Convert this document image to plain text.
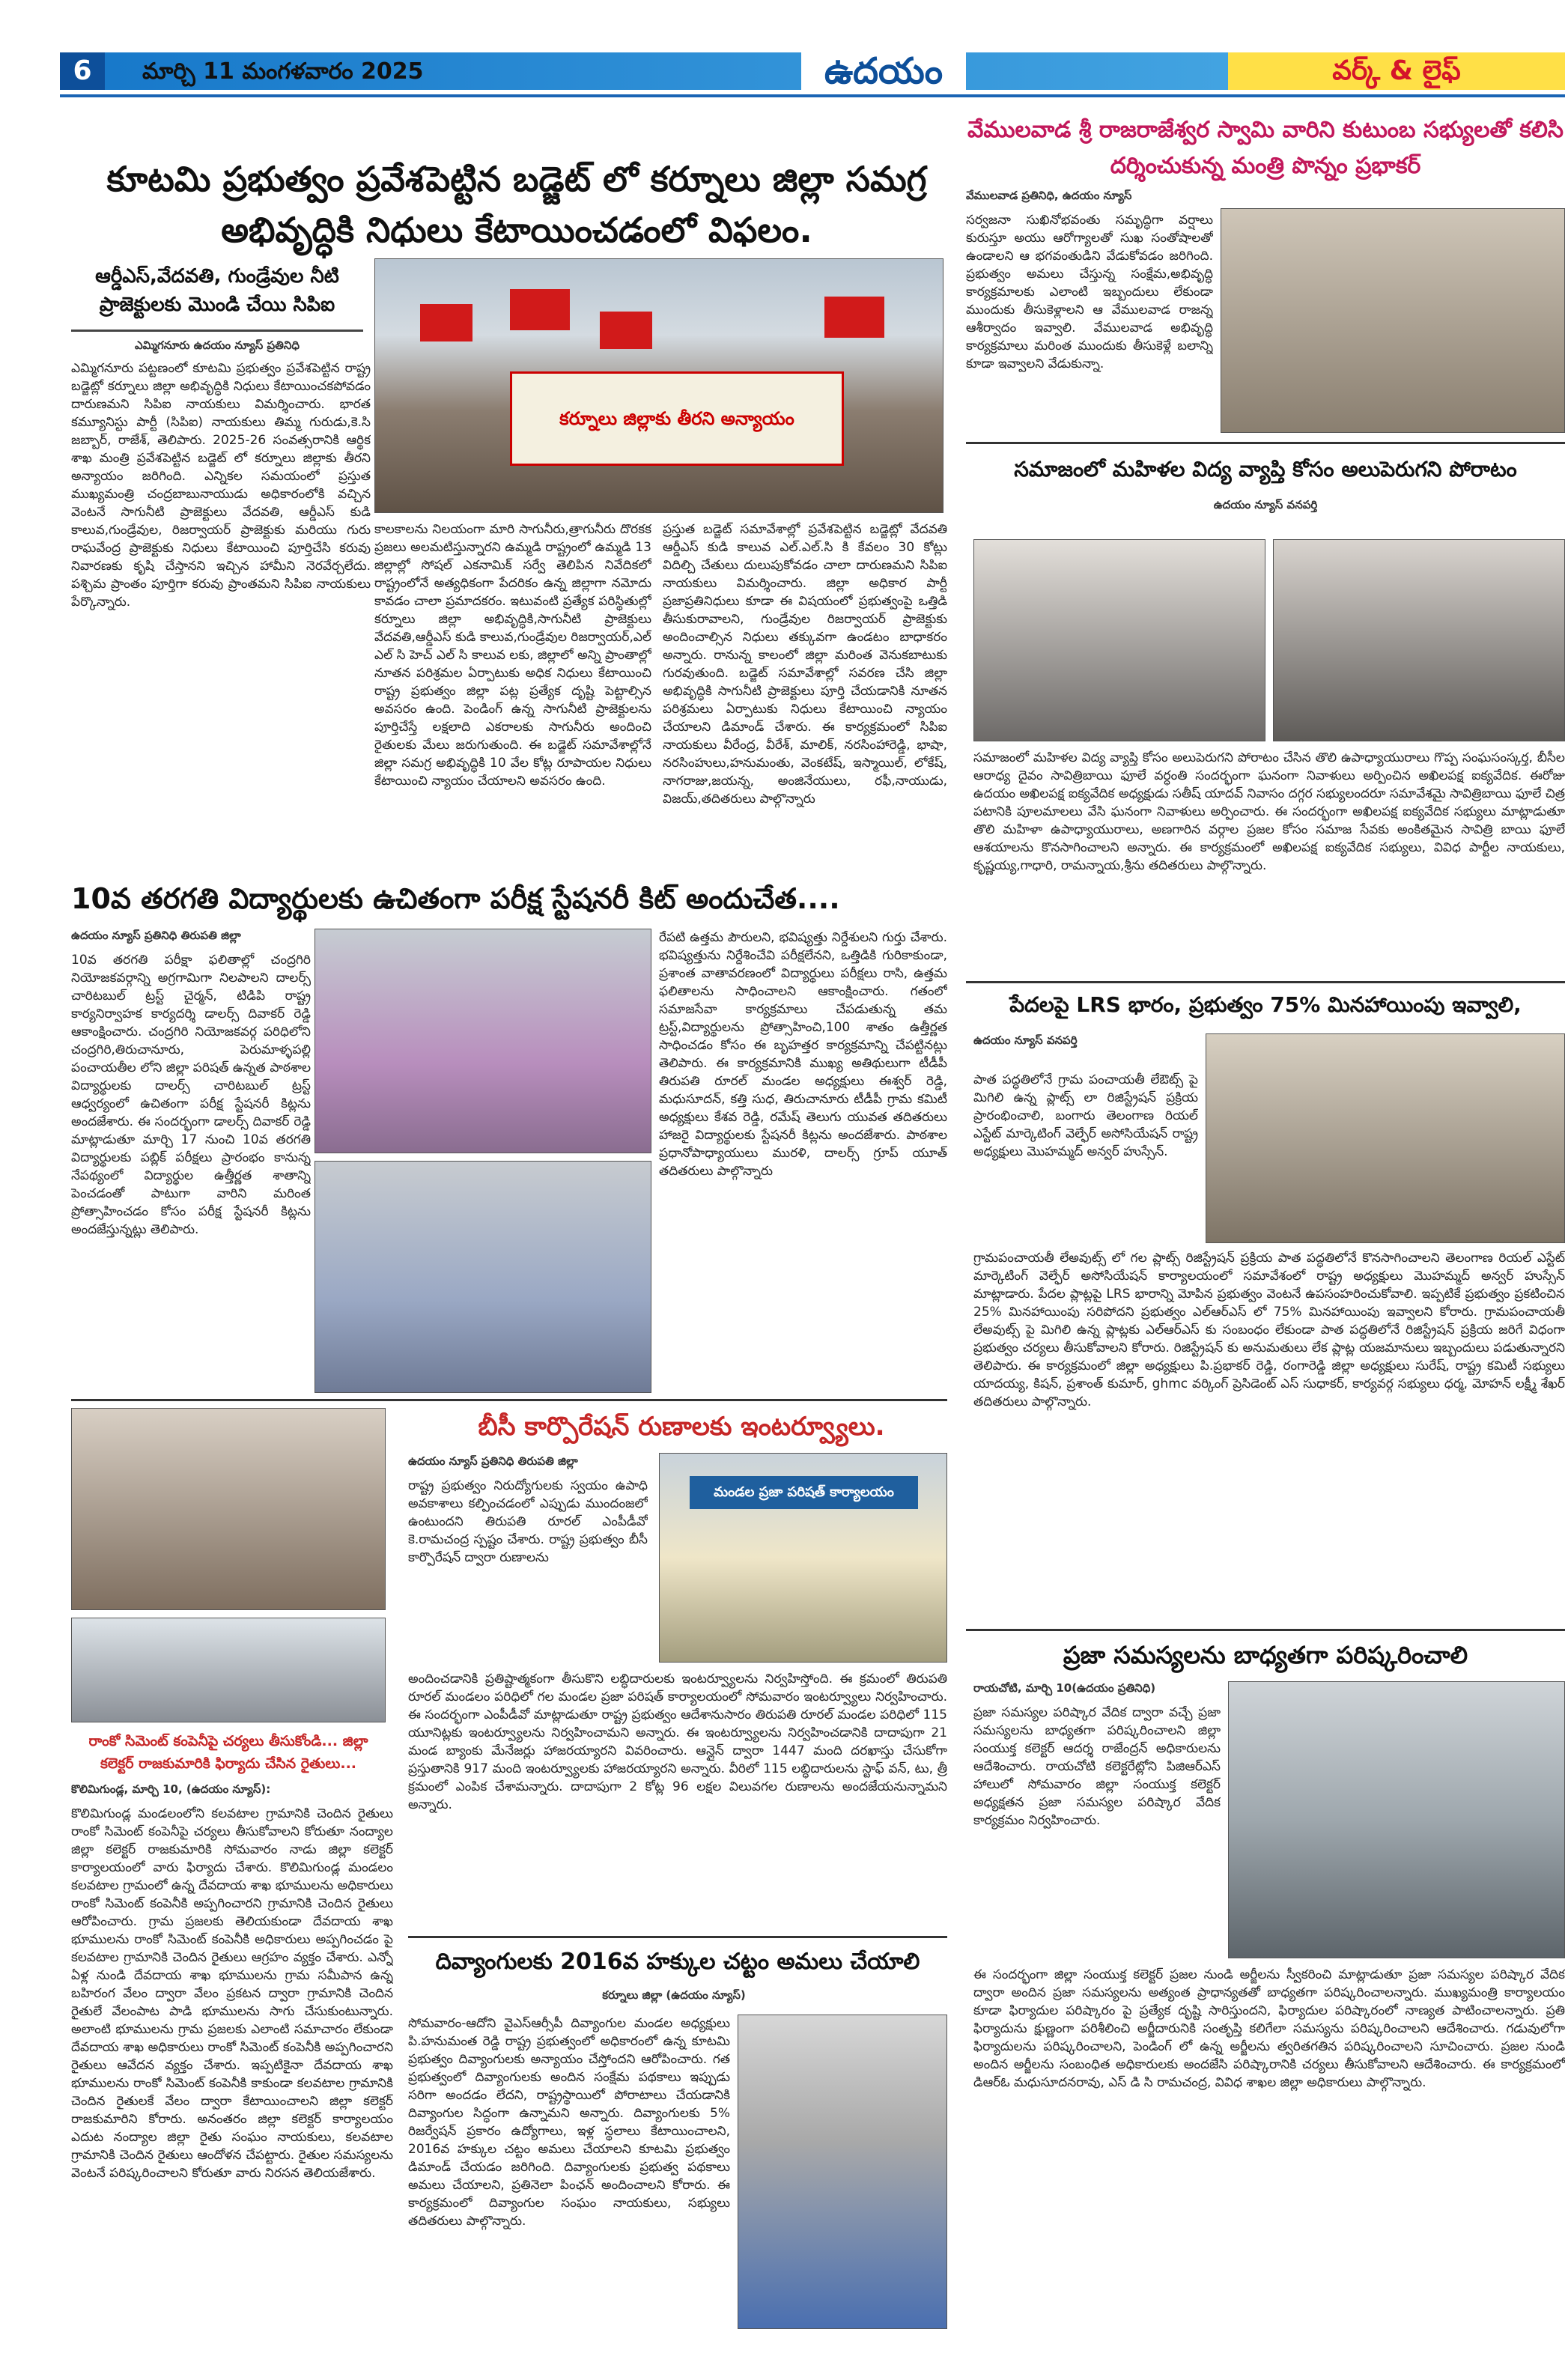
6	మార్చి 11 మంగళవారం 2025	ఉదయం	వర్క్ & లైఫ్
కూటమి ప్రభుత్వం ప్రవేశపెట్టిన బడ్జెట్ లో కర్నూలు జిల్లా సమగ్ర అభివృద్ధికి నిధులు కేటాయించడంలో విఫలం.
ఆర్డీఎస్,వేదవతి, గుండ్రేవుల నీటి ప్రాజెక్టులకు మొండి చేయి సిపిఐ
ఎమ్మిగనూరు ఉదయం న్యూస్ ప్రతినిధి
ఎమ్మిగనూరు పట్టణంలో కూటమి ప్రభుత్వం ప్రవేశపెట్టిన రాష్ట్ర బడ్జెట్లో కర్నూలు జిల్లా అభివృద్ధికి నిధులు కేటాయించకపోవడం దారుణమని సిపిఐ నాయకులు విమర్శించారు. భారత కమ్యూనిస్టు పార్టీ (సిపిఐ) నాయకులు తిమ్మ గురుడు,కె.సి జబ్బార్, రాజేశ్, తెలిపారు. 2025-26 సంవత్సరానికి ఆర్థిక శాఖ మంత్రి ప్రవేశపెట్టిన బడ్జెట్ లో కర్నూలు జిల్లాకు తీరని అన్యాయం జరిగింది. ఎన్నికల సమయంలో ప్రస్తుత ముఖ్యమంత్రి చంద్రబాబునాయుడు అధికారంలోకి వచ్చిన వెంటనే సాగునీటి ప్రాజెక్టులు వేదవతి, ఆర్డీఎస్ కుడి కాలువ,గుండ్రేవుల, రిజర్వాయర్ ప్రాజెక్టుకు మరియు గురు రాఘవేంద్ర ప్రాజెక్టుకు నిధులు కేటాయించి పూర్తిచేసి కరువు నివారణకు కృషి చేస్తానని ఇచ్చిన హామీని నెరవేర్చలేదు. పశ్చిమ ప్రాంతం పూర్తిగా కరువు ప్రాంతమని సిపిఐ నాయకులు పేర్కొన్నారు.
కర్నూలు జిల్లాకు తీరని అన్యాయం
కాలకాలను నిలయంగా మారి సాగునీరు,త్రాగునీరు దొరకక ప్రజలు అలమటిస్తున్నారని ఉమ్మడి రాష్ట్రంలో ఉమ్మడి 13 జిల్లాల్లో సోషల్ ఎకనామిక్ సర్వే తెలిపిన నివేదికలో రాష్ట్రంలోనే అత్యధికంగా పేదరికం ఉన్న జిల్లాగా నమోదు కావడం చాలా ప్రమాదకరం. ఇటువంటి ప్రత్యేక పరిస్థితుల్లో కర్నూలు జిల్లా అభివృద్ధికి,సాగునీటి ప్రాజెక్టులు వేదవతి,ఆర్డీఎస్ కుడి కాలువ,గుండ్రేవుల రిజర్వాయర్,ఎల్ ఎల్ సి హెచ్ ఎల్ సి కాలువ లకు, జిల్లాలో అన్ని ప్రాంతాల్లో నూతన పరిశ్రమల ఏర్పాటుకు అధిక నిధులు కేటాయించి రాష్ట్ర ప్రభుత్వం జిల్లా పట్ల ప్రత్యేక దృష్టి పెట్టాల్సిన అవసరం ఉంది. పెండింగ్ ఉన్న సాగునీటి ప్రాజెక్టులను పూర్తిచేస్తే లక్షలాది ఎకరాలకు సాగునీరు అందించి రైతులకు మేలు జరుగుతుంది. ఈ బడ్జెట్ సమావేశాల్లోనే జిల్లా సమగ్ర అభివృద్ధికి 10 వేల కోట్ల రూపాయల నిధులు కేటాయించి న్యాయం చేయాలని అవసరం ఉంది.
ప్రస్తుత బడ్జెట్ సమావేశాల్లో ప్రవేశపెట్టిన బడ్జెట్లో వేదవతి ఆర్డీఎస్ కుడి కాలువ ఎల్.ఎల్.సి కి కేవలం 30 కోట్లు విదిల్చి చేతులు దులుపుకోవడం చాలా దారుణమని సిపిఐ నాయకులు విమర్శించారు. జిల్లా అధికార పార్టీ ప్రజాప్రతినిధులు కూడా ఈ విషయంలో ప్రభుత్వంపై ఒత్తిడి తీసుకురావాలని, గుండ్రేవుల రిజర్వాయర్ ప్రాజెక్టుకు అందించాల్సిన నిధులు తక్కువగా ఉండటం బాధాకరం అన్నారు. రానున్న కాలంలో జిల్లా మరింత వెనుకబాటుకు గురవుతుంది. బడ్జెట్ సమావేశాల్లో సవరణ చేసి జిల్లా అభివృద్ధికి సాగునీటి ప్రాజెక్టులు పూర్తి చేయడానికి నూతన పరిశ్రమలు ఏర్పాటుకు నిధులు కేటాయించి న్యాయం చేయాలని డిమాండ్ చేశారు. ఈ కార్యక్రమంలో సిపిఐ నాయకులు వీరేంద్ర, వీరేశ్, మాలిక్, నరసింహారెడ్డి, భాషా, నరసింహులు,హనుమంతు, వెంకటేష్, ఇస్మాయిల్, లోకేష్, నాగరాజు,జయన్న, అంజినేయులు, రఫీ,నాయుడు, విజయ్,తదితరులు పాల్గొన్నారు
వేములవాడ శ్రీ రాజరాజేశ్వర స్వామి వారిని కుటుంబ సభ్యులతో కలిసి దర్శించుకున్న మంత్రి పొన్నం ప్రభాకర్
వేములవాడ ప్రతినిధి, ఉదయం న్యూస్
సర్వజనా సుఖినోభవంతు సమృద్ధిగా వర్షాలు కురుస్తూ అయు ఆరోగ్యాలతో సుఖ సంతోషాలతో ఉండాలని ఆ భగవంతుడిని వేడుకోవడం జరిగింది. ప్రభుత్వం అమలు చేస్తున్న సంక్షేమ,అభివృద్ధి కార్యక్రమాలకు ఎలాంటి ఇబ్బందులు లేకుండా ముందుకు తీసుకెళ్లాలని ఆ వేములవాడ రాజన్న ఆశీర్వాదం ఇవ్వాలి. వేములవాడ అభివృద్ధి కార్యక్రమాలు మరింత ముందుకు తీసుకెళ్లే బలాన్ని కూడా ఇవ్వాలని వేడుకున్నా.
సమాజంలో మహిళల విద్య వ్యాప్తి కోసం అలుపెరుగని పోరాటం
ఉదయం న్యూస్ వనపర్తి
సమాజంలో మహిళల విద్య వ్యాప్తి కోసం అలుపెరుగని పోరాటం చేసిన తొలి ఉపాధ్యాయురాలు గొప్ప సంఘసంస్కర్త, బీసీల ఆరాధ్య దైవం సావిత్రిబాయి ఫూలే వర్ధంతి సందర్భంగా ఘనంగా నివాళులు అర్పించిన అఖిలపక్ష ఐక్యవేదిక. ఈరోజు ఉదయం అఖిలపక్ష ఐక్యవేదిక అధ్యక్షుడు సతీష్ యాదవ్ నివాసం దగ్గర సభ్యులందరూ సమావేశమై సావిత్రిబాయి ఫూలే చిత్ర పటానికి పూలమాలలు వేసి ఘనంగా నివాళులు అర్పించారు. ఈ సందర్భంగా అఖిలపక్ష ఐక్యవేదిక సభ్యులు మాట్లాడుతూ తొలి మహిళా ఉపాధ్యాయురాలు, అణగారిన వర్గాల ప్రజల కోసం సమాజ సేవకు అంకితమైన సావిత్రి బాయి ఫూలే ఆశయాలను కొనసాగించాలని అన్నారు. ఈ కార్యక్రమంలో అఖిలపక్ష ఐక్యవేదిక సభ్యులు, వివిధ పార్టీల నాయకులు, కృష్ణయ్య,గాధారి, రామన్నాయ,శ్రీను తదితరులు పాల్గొన్నారు.
పేదలపై LRS భారం, ప్రభుత్వం 75% మినహాయింపు ఇవ్వాలి,
ఉదయం న్యూస్ వనపర్తి
పాత పద్ధతిలోనే గ్రామ పంచాయతీ లేఔట్స్ పై మిగిలి ఉన్న ప్లాట్స్ లా రిజిస్ట్రేషన్ ప్రక్రియ ప్రారంభించాలి, బంగారు తెలంగాణ రియల్ ఎస్టేట్ మార్కెటింగ్ వెల్ఫేర్ అసోసియేషన్ రాష్ట్ర అధ్యక్షులు మొహమ్మద్ అన్వర్ హుస్సేన్.
గ్రామపంచాయతీ లేఅవుట్స్ లో గల ప్లాట్స్ రిజిస్ట్రేషన్ ప్రక్రియ పాత పద్ధతిలోనే కొనసాగించాలని తెలంగాణ రియల్ ఎస్టేట్ మార్కెటింగ్ వెల్ఫేర్ అసోసియేషన్ కార్యాలయంలో సమావేశంలో రాష్ట్ర అధ్యక్షులు మొహమ్మద్ అన్వర్ హుస్సేన్ మాట్లాడారు. పేదల ప్లాట్లపై LRS భారాన్ని మోపిన ప్రభుత్వం వెంటనే ఉపసంహరించుకోవాలి. ఇప్పటికే ప్రభుత్వం ప్రకటించిన 25% మినహాయింపు సరిపోదని ప్రభుత్వం ఎల్ఆర్ఎస్ లో 75% మినహాయింపు ఇవ్వాలని కోరారు. గ్రామపంచాయతీ లేఅవుట్స్ పై మిగిలి ఉన్న ప్లాట్లకు ఎల్ఆర్ఎస్ కు సంబంధం లేకుండా పాత పద్ధతిలోనే రిజిస్ట్రేషన్ ప్రక్రియ జరిగే విధంగా ప్రభుత్వం చర్యలు తీసుకోవాలని కోరారు. రిజిస్ట్రేషన్ కు అనుమతులు లేక ప్లాట్ల యజమానులు ఇబ్బందులు పడుతున్నారని తెలిపారు. ఈ కార్యక్రమంలో జిల్లా అధ్యక్షులు పి.ప్రభాకర్ రెడ్డి, రంగారెడ్డి జిల్లా అధ్యక్షులు సురేష్, రాష్ట్ర కమిటీ సభ్యులు యాదయ్య, కిషన్, ప్రశాంత్ కుమార్, ghmc వర్కింగ్ ప్రెసిడెంట్ ఎస్ సుధాకర్, కార్యవర్గ సభ్యులు ధర్మ, మోహన్ లక్ష్మీ శేఖర్ తదితరులు పాల్గొన్నారు.
10వ తరగతి విద్యార్థులకు ఉచితంగా పరీక్ష స్టేషనరీ కిట్ అందుచేత....
ఉదయం న్యూస్ ప్రతినిధి తిరుపతి జిల్లా
10వ తరగతి పరీక్షా ఫలితాల్లో చంద్రగిరి నియోజకవర్గాన్ని అగ్రగామిగా నిలపాలని దాలర్స్ చారిటబుల్ ట్రస్ట్ చైర్మన్, టిడిపి రాష్ట్ర కార్యనిర్వాహక కార్యదర్శి డాలర్స్ దివాకర్ రెడ్డి ఆకాంక్షించారు. చంద్రగిరి నియోజకవర్గ పరిధిలోని చంద్రగిరి,తిరుచానూరు, పెరుమాళ్ళపల్లి పంచాయతీల లోని జిల్లా పరిషత్ ఉన్నత పాఠశాల విద్యార్థులకు దాలర్స్ చారిటబుల్ ట్రస్ట్ ఆధ్వర్యంలో ఉచితంగా పరీక్ష స్టేషనరీ కిట్లను అందజేశారు. ఈ సందర్భంగా డాలర్స్ దివాకర్ రెడ్డి మాట్లాడుతూ మార్చి 17 నుంచి 10వ తరగతి విద్యార్థులకు పబ్లిక్ పరీక్షలు ప్రారంభం కానున్న నేపథ్యంలో విద్యార్థుల ఉత్తీర్ణత శాతాన్ని పెంచడంతో పాటుగా వారిని మరింత ప్రోత్సాహించడం కోసం పరీక్ష స్టేషనరీ కిట్లను అందజేస్తున్నట్లు తెలిపారు.
రేపటి ఉత్తమ పౌరులని, భవిష్యత్తు నిర్దేశులని గుర్తు చేశారు. భవిష్యత్తును నిర్దేశించేవి పరీక్షలేనని, ఒత్తిడికి గురికాకుండా, ప్రశాంత వాతావరణంలో విద్యార్థులు పరీక్షలు రాసి, ఉత్తమ ఫలితాలను సాధించాలని ఆకాంక్షించారు. గతంలో సమాజసేవా కార్యక్రమాలు చేపడుతున్న తమ ట్రస్ట్,విద్యార్థులను ప్రోత్సాహించి,100 శాతం ఉత్తీర్ణత సాధించడం కోసం ఈ బృహత్తర కార్యక్రమాన్ని చేపట్టినట్లు తెలిపారు. ఈ కార్యక్రమానికి ముఖ్య అతిథులుగా టీడీపీ తిరుపతి రూరల్ మండల అధ్యక్షులు ఈశ్వర్ రెడ్డి, మధుసూదన్, కత్తి సుధ, తిరుచానూరు టీడీపీ గ్రామ కమిటీ అధ్యక్షులు కేశవ రెడ్డి, రమేష్ తెలుగు యువత తదితరులు హాజరై విద్యార్థులకు స్టేషనరీ కిట్లను అందజేశారు. పాఠశాల ప్రధానోపాధ్యాయులు మురళి, దాలర్స్ గ్రూప్ యూత్ తదితరులు పాల్గొన్నారు
రాంకో సిమెంట్ కంపెనీపై చర్యలు తీసుకోండి... జిల్లా కలెక్టర్ రాజకుమారికి ఫిర్యాదు చేసిన రైతులు...
కొలిమిగుండ్ల, మార్చి 10, (ఉదయం న్యూస్):
కొలిమిగుండ్ల మండలంలోని కలవటాల గ్రామానికి చెందిన రైతులు రాంకో సిమెంట్ కంపెనీపై చర్యలు తీసుకోవాలని కోరుతూ నంద్యాల జిల్లా కలెక్టర్ రాజకుమారికి సోమవారం నాడు జిల్లా కలెక్టర్ కార్యాలయంలో వారు ఫిర్యాదు చేశారు. కొలిమిగుండ్ల మండలం కలవటాల గ్రామంలో ఉన్న దేవదాయ శాఖ భూములను అధికారులు రాంకో సిమెంట్ కంపెనీకి అప్పగించారని గ్రామానికి చెందిన రైతులు ఆరోపించారు. గ్రామ ప్రజలకు తెలియకుండా దేవదాయ శాఖ భూములను రాంకో సిమెంట్ కంపెనీకి అధికారులు అప్పగించడం పై కలవటాల గ్రామానికి చెందిన రైతులు ఆగ్రహం వ్యక్తం చేశారు. ఎన్నో ఏళ్ల నుండి దేవదాయ శాఖ భూములను గ్రామ సమీపాన ఉన్న బహిరంగ వేలం ద్వారా వేలం ప్రకటన ద్వారా గ్రామానికి చెందిన రైతులే వేలంపాట పాడి భూములను సాగు చేసుకుంటున్నారు. అలాంటి భూములను గ్రామ ప్రజలకు ఎలాంటి సమాచారం లేకుండా దేవదాయ శాఖ అధికారులు రాంకో సిమెంట్ కంపెనీకి అప్పగించారని రైతులు ఆవేదన వ్యక్తం చేశారు. ఇప్పటికైనా దేవదాయ శాఖ భూములను రాంకో సిమెంట్ కంపెనీకి కాకుండా కలవటాల గ్రామానికి చెందిన రైతులకే వేలం ద్వారా కేటాయించాలని జిల్లా కలెక్టర్ రాజకుమారిని కోరారు. అనంతరం జిల్లా కలెక్టర్ కార్యాలయం ఎదుట నంద్యాల జిల్లా రైతు సంఘం నాయకులు, కలవటాల గ్రామానికి చెందిన రైతులు ఆందోళన చేపట్టారు. రైతుల సమస్యలను వెంటనే పరిష్కరించాలని కోరుతూ వారు నిరసన తెలియజేశారు.
బీసీ కార్పొరేషన్ రుణాలకు ఇంటర్వ్యూలు.
ఉదయం న్యూస్ ప్రతినిధి తిరుపతి జిల్లా
రాష్ట్ర ప్రభుత్వం నిరుద్యోగులకు స్వయం ఉపాధి అవకాశాలు కల్పించడంలో ఎప్పుడు ముందంజలో ఉంటుందని తిరుపతి రూరల్ ఎంపీడీవో కె.రామచంద్ర స్పష్టం చేశారు. రాష్ట్ర ప్రభుత్వం బీసీ కార్పొరేషన్ ద్వారా రుణాలను
మండల ప్రజా పరిషత్ కార్యాలయం
అందించడానికి ప్రతిష్టాత్మకంగా తీసుకొని లబ్ధిదారులకు ఇంటర్వ్యూలను నిర్వహిస్తోంది. ఈ క్రమంలో తిరుపతి రూరల్ మండలం పరిధిలో గల మండల ప్రజా పరిషత్ కార్యాలయంలో సోమవారం ఇంటర్వ్యూలు నిర్వహించారు. ఈ సందర్భంగా ఎంపీడీవో మాట్లాడుతూ రాష్ట్ర ప్రభుత్వం ఆదేశానుసారం తిరుపతి రూరల్ మండల పరిధిలో 115 యూనిట్లకు ఇంటర్వ్యూలను నిర్వహించామని అన్నారు. ఈ ఇంటర్వ్యూలను నిర్వహించడానికి దాదాపుగా 21 మండ బ్యాంకు మేనేజర్లు హాజరయ్యారని వివరించారు. ఆన్లైన్ ద్వారా 1447 మంది దరఖాస్తు చేసుకోగా ప్రస్తుతానికి 917 మంది ఇంటర్వ్యూలకు హాజరయ్యారని అన్నారు. వీరిలో 115 లబ్ధిదారులను స్టాఫ్ వన్, టు, త్రీ క్రమంలో ఎంపిక చేశామన్నారు. దాదాపుగా 2 కోట్ల 96 లక్షల విలువగల రుణాలను అందజేయనున్నామని అన్నారు.
దివ్యాంగులకు 2016వ హక్కుల చట్టం అమలు చేయాలి
కర్నూలు జిల్లా (ఉదయం న్యూస్)
సోమవారం-ఆదోని వైఎస్ఆర్సీపీ దివ్యాంగుల మండల అధ్యక్షులు పి.హనుమంత రెడ్డి రాష్ట్ర ప్రభుత్వంలో అధికారంలో ఉన్న కూటమి ప్రభుత్వం దివ్యాంగులకు అన్యాయం చేస్తోందని ఆరోపించారు. గత ప్రభుత్వంలో దివ్యాంగులకు అందిన సంక్షేమ పథకాలు ఇప్పుడు సరిగా అందడం లేదని, రాష్ట్రస్థాయిలో పోరాటాలు చేయడానికి దివ్యాంగుల సిద్ధంగా ఉన్నామని అన్నారు. దివ్యాంగులకు 5% రిజర్వేషన్ ప్రకారం ఉద్యోగాలు, ఇళ్ల స్థలాలు కేటాయించాలని, 2016వ హక్కుల చట్టం అమలు చేయాలని కూటమి ప్రభుత్వం డిమాండ్ చేయడం జరిగింది. దివ్యాంగులకు ప్రభుత్వ పథకాలు అమలు చేయాలని, ప్రతినెలా పింఛన్ అందించాలని కోరారు. ఈ కార్యక్రమంలో దివ్యాంగుల సంఘం నాయకులు, సభ్యులు తదితరులు పాల్గొన్నారు.
ప్రజా సమస్యలను బాధ్యతగా పరిష్కరించాలి
రాయచోటి, మార్చి 10(ఉదయం ప్రతినిధి)
ప్రజా సమస్యల పరిష్కార వేదిక ద్వారా వచ్చే ప్రజా సమస్యలను బాధ్యతగా పరిష్కరించాలని జిల్లా సంయుక్త కలెక్టర్ ఆదర్శ రాజేంద్రన్ అధికారులను ఆదేశించారు. రాయచోటి కలెక్టరేట్లోని పిజిఆర్ఎస్ హాలులో సోమవారం జిల్లా సంయుక్త కలెక్టర్ అధ్యక్షతన ప్రజా సమస్యల పరిష్కార వేదిక కార్యక్రమం నిర్వహించారు.
ఈ సందర్భంగా జిల్లా సంయుక్త కలెక్టర్ ప్రజల నుండి అర్జీలను స్వీకరించి మాట్లాడుతూ ప్రజా సమస్యల పరిష్కార వేదిక ద్వారా అందిన ప్రజా సమస్యలను అత్యంత ప్రాధాన్యతతో బాధ్యతగా పరిష్కరించాలన్నారు. ముఖ్యమంత్రి కార్యాలయం కూడా ఫిర్యాదుల పరిష్కారం పై ప్రత్యేక దృష్టి సారిస్తుందని, ఫిర్యాదుల పరిష్కారంలో నాణ్యత పాటించాలన్నారు. ప్రతి ఫిర్యాదును క్షుణ్ణంగా పరిశీలించి అర్జీదారునికి సంతృప్తి కలిగేలా సమస్యను పరిష్కరించాలని ఆదేశించారు. గడువులోగా ఫిర్యాదులను పరిష్కరించాలని, పెండింగ్ లో ఉన్న అర్జీలను త్వరితగతిన పరిష్కరించాలని సూచించారు. ప్రజల నుండి అందిన అర్జీలను సంబంధిత అధికారులకు అందజేసి పరిష్కారానికి చర్యలు తీసుకోవాలని ఆదేశించారు. ఈ కార్యక్రమంలో డిఆర్ఓ మధుసూదనరావు, ఎస్ డి సి రామచంద్ర, వివిధ శాఖల జిల్లా అధికారులు పాల్గొన్నారు.
